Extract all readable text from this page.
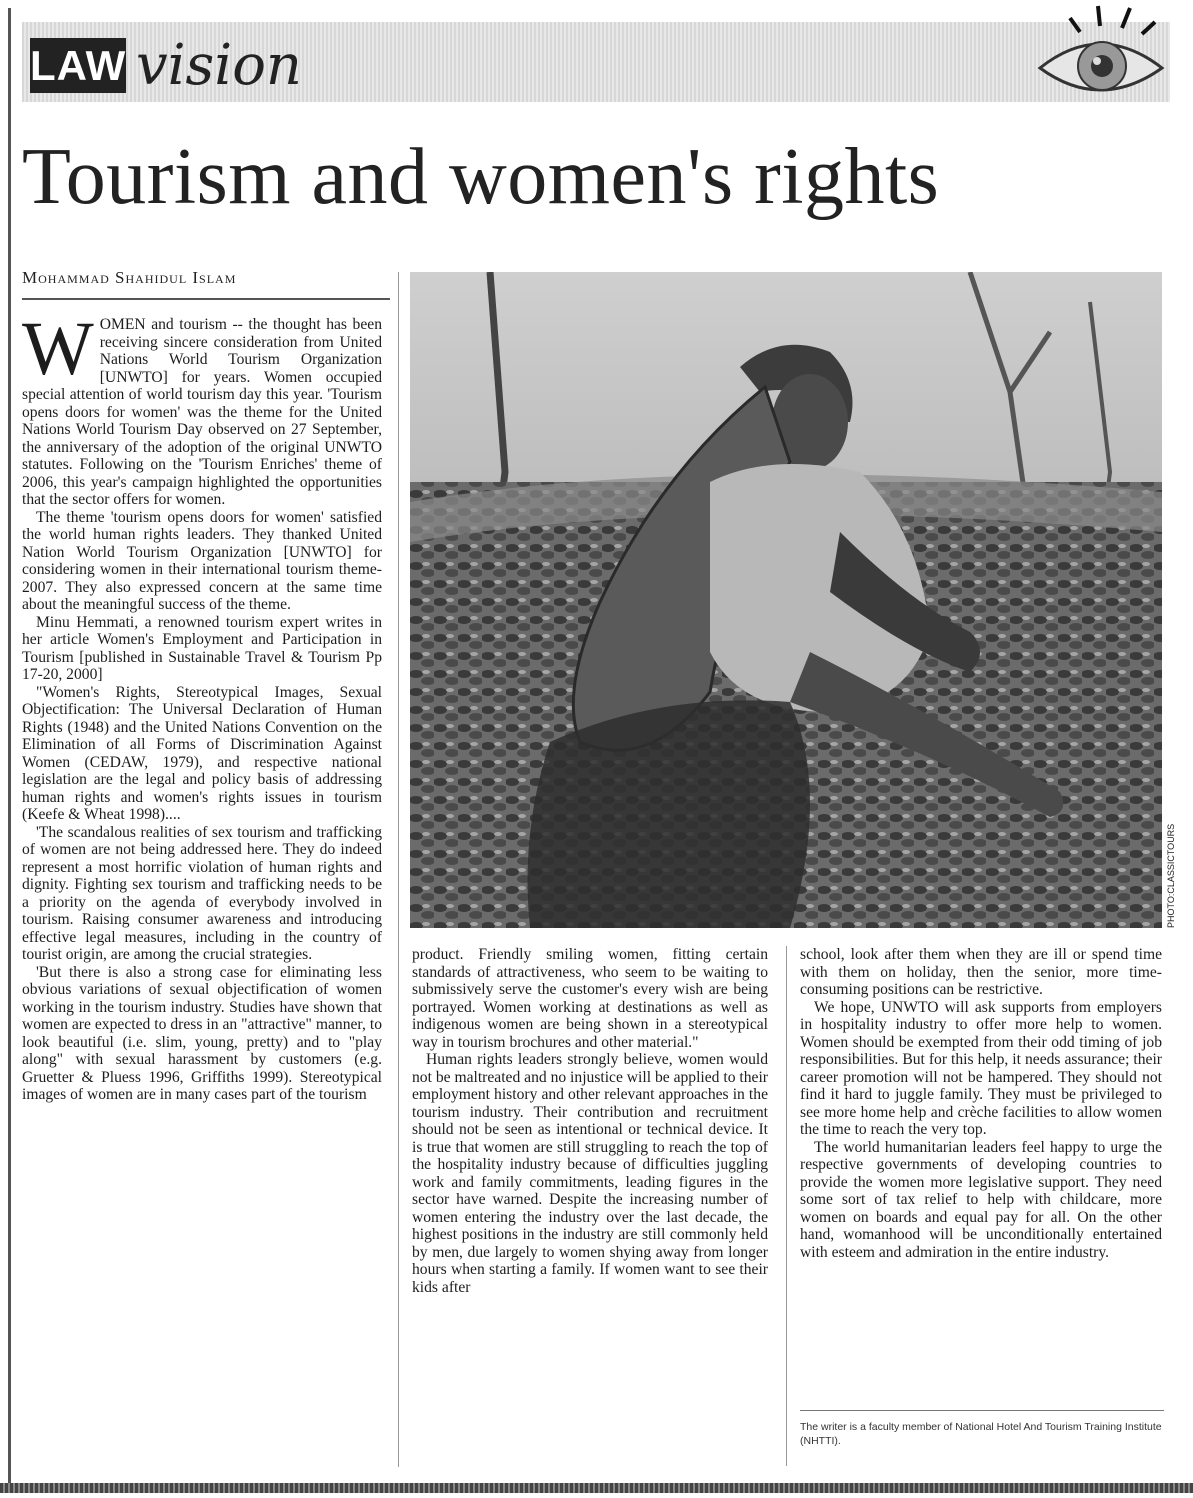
LAW vision
Tourism and women's rights
Mohammad Shahidul Islam

WOMEN and tourism -- the thought has been receiving sincere consideration from United Nations World Tourism Organization [UNWTO] for years. Women occupied special attention of world tourism day this year. 'Tourism opens doors for women' was the theme for the United Nations World Tourism Day observed on 27 September, the anniversary of the adoption of the original UNWTO statutes. Following on the 'Tourism Enriches' theme of 2006, this year's campaign highlighted the opportunities that the sector offers for women.

The theme 'tourism opens doors for women' satisfied the world human rights leaders. They thanked United Nation World Tourism Organization [UNWTO] for considering women in their international tourism theme-2007. They also expressed concern at the same time about the meaningful success of the theme.

Minu Hemmati, a renowned tourism expert writes in her article Women's Employment and Participation in Tourism [published in Sustainable Travel & Tourism Pp 17-20, 2000]

"Women's Rights, Stereotypical Images, Sexual Objectification: The Universal Declaration of Human Rights (1948) and the United Nations Convention on the Elimination of all Forms of Discrimination Against Women (CEDAW, 1979), and respective national legislation are the legal and policy basis of addressing human rights and women's rights issues in tourism (Keefe & Wheat 1998)....

'The scandalous realities of sex tourism and trafficking of women are not being addressed here. They do indeed represent a most horrific violation of human rights and dignity. Fighting sex tourism and trafficking needs to be a priority on the agenda of everybody involved in tourism. Raising consumer awareness and introducing effective legal measures, including in the country of tourist origin, are among the crucial strategies.

'But there is also a strong case for eliminating less obvious variations of sexual objectification of women working in the tourism industry. Studies have shown that women are expected to dress in an "attractive" manner, to look beautiful (i.e. slim, young, pretty) and to "play along" with sexual harassment by customers (e.g. Gruetter & Pluess 1996, Griffiths 1999). Stereotypical images of women are in many cases part of the tourism

PHOTO:CLASSICTOURS

product. Friendly smiling women, fitting certain standards of attractiveness, who seem to be waiting to submissively serve the customer's every wish are being portrayed. Women working at destinations as well as indigenous women are being shown in a stereotypical way in tourism brochures and other material."

Human rights leaders strongly believe, women would not be maltreated and no injustice will be applied to their employment history and other relevant approaches in the tourism industry. Their contribution and recruitment should not be seen as intentional or technical device. It is true that women are still struggling to reach the top of the hospitality industry because of difficulties juggling work and family commitments, leading figures in the sector have warned. Despite the increasing number of women entering the industry over the last decade, the highest positions in the industry are still commonly held by men, due largely to women shying away from longer hours when starting a family. If women want to see their kids after

school, look after them when they are ill or spend time with them on holiday, then the senior, more time-consuming positions can be restrictive.

We hope, UNWTO will ask supports from employers in hospitality industry to offer more help to women. Women should be exempted from their odd timing of job responsibilities. But for this help, it needs assurance; their career promotion will not be hampered. They should not find it hard to juggle family. They must be privileged to see more home help and crèche facilities to allow women the time to reach the very top.

The world humanitarian leaders feel happy to urge the respective governments of developing countries to provide the women more legislative support. They need some sort of tax relief to help with childcare, more women on boards and equal pay for all. On the other hand, womanhood will be unconditionally entertained with esteem and admiration in the entire industry.

The writer is a faculty member of National Hotel And Tourism Training Institute (NHTTI).
